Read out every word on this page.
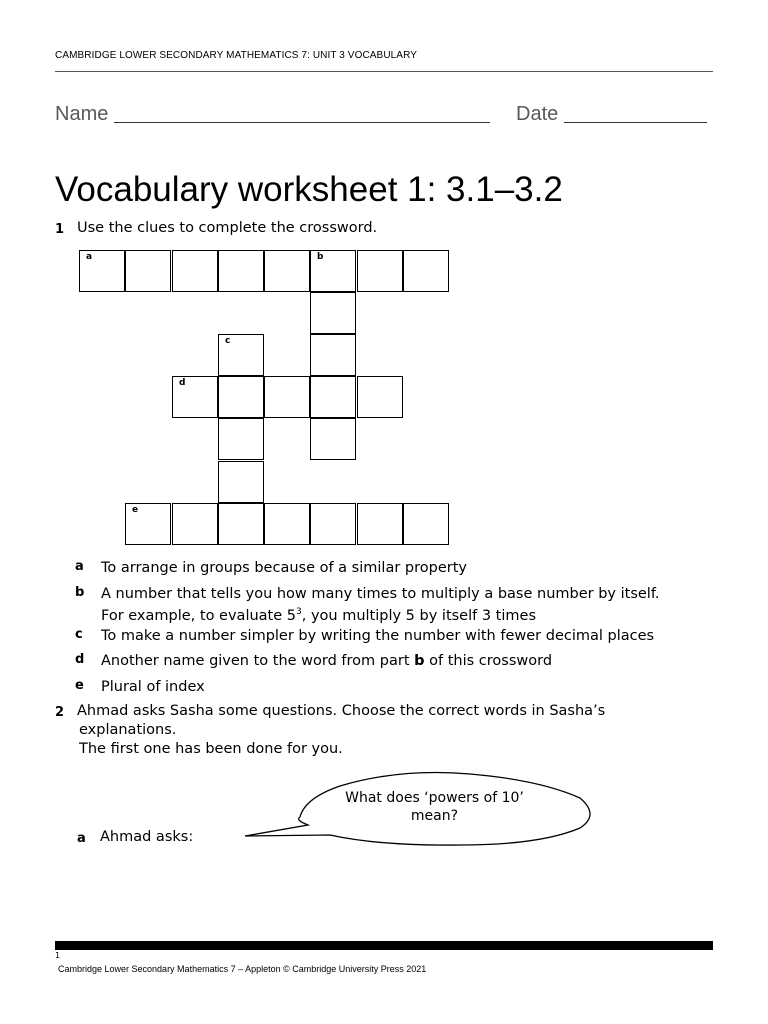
CAMBRIDGE LOWER SECONDARY MATHEMATICS 7: UNIT 3 VOCABULARY
Name	Date
Vocabulary worksheet 1: 3.1–3.2
1 Use the clues to complete the crossword.
a	b
c
d
e
a To arrange in groups because of a similar property
b A number that tells you how many times to multiply a base number by itself.
For example, to evaluate $5^3$, you multiply 5 by itself 3 times
c To make a number simpler by writing the number with fewer decimal places
d Another name given to the word from part b of this crossword
e Plural of index
2 Ahmad asks Sasha some questions. Choose the correct words in Sasha’s
explanations.
The first one has been done for you.
What does ‘powers of 10’
mean?
a Ahmad asks:
1
Cambridge Lower Secondary Mathematics 7 – Appleton © Cambridge University Press 2021
